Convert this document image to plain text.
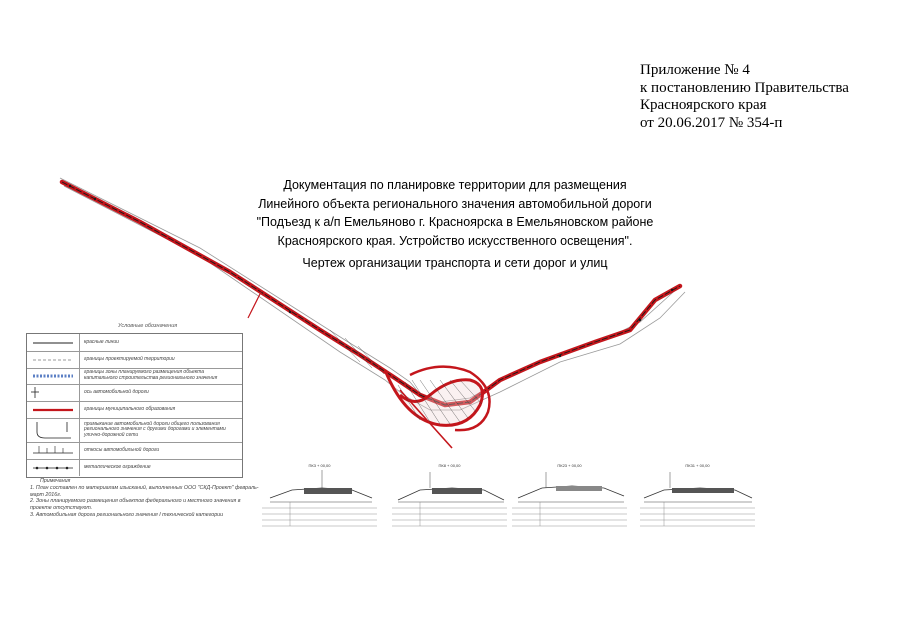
Приложение № 4
к постановлению Правительства
Красноярского края
от 20.06.2017 № 354-п
Документация по планировке территории для размещения
Линейного объекта регионального значения автомобильной дороги
"Подъезд к а/п Емельяново г. Красноярска в Емельяновском районе
Красноярского края. Устройство искусственного освещения".
Чертеж организации транспорта и сети дорог и улиц
Условные обозначения
красные линии
границы проектируемой территории
границы зоны планируемого размещения объекта капитального строительства регионального значения
ось автомобильной дороги
границы муниципального образования
примыкание автомобильной дороги общего пользования регионального значения с другими дорогами и элементами улично-дорожной сети
откосы автомобильной дороги
металлическое ограждение
Примечания
1. План составлен по материалам изысканий, выполненных ООО "СКД-Проект" февраль-март 2016г.
2. Зоны планируемого размещения объектов федерального и местного значения в проекте отсутствуют.
3. Автомобильная дорога регионального значения I технической категории
ПК3 + 00,00	ПК8 + 00,00	ПК23 + 00,00	ПК31 + 00,00
